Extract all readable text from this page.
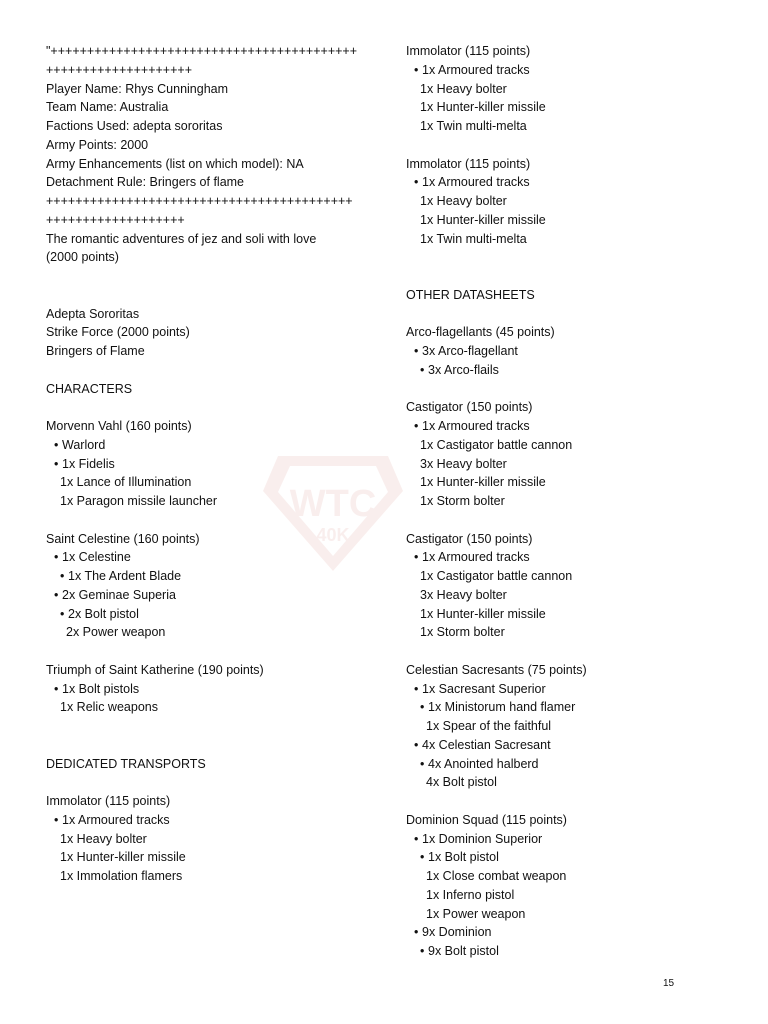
WTC
40K
"++++++++++++++++++++++++++++++++++++++++++
++++++++++++++++++++
Player Name: Rhys Cunningham
Team Name: Australia
Factions Used: adepta sororitas
Army Points: 2000
Army Enhancements (list on which model): NA
Detachment Rule: Bringers of flame
++++++++++++++++++++++++++++++++++++++++++
+++++++++++++++++++
The romantic adventures of jez and soli with love
(2000 points)
Adepta Sororitas
Strike Force (2000 points)
Bringers of Flame
CHARACTERS
Morvenn Vahl (160 points)
• Warlord
• 1x Fidelis
1x Lance of Illumination
1x Paragon missile launcher
Saint Celestine (160 points)
• 1x Celestine
• 1x The Ardent Blade
• 2x Geminae Superia
• 2x Bolt pistol
2x Power weapon
Triumph of Saint Katherine (190 points)
• 1x Bolt pistols
1x Relic weapons
DEDICATED TRANSPORTS
Immolator (115 points)
• 1x Armoured tracks
1x Heavy bolter
1x Hunter-killer missile
1x Immolation flamers
Immolator (115 points)
• 1x Armoured tracks
1x Heavy bolter
1x Hunter-killer missile
1x Twin multi-melta
Immolator (115 points)
• 1x Armoured tracks
1x Heavy bolter
1x Hunter-killer missile
1x Twin multi-melta
OTHER DATASHEETS
Arco-flagellants (45 points)
• 3x Arco-flagellant
• 3x Arco-flails
Castigator (150 points)
• 1x Armoured tracks
1x Castigator battle cannon
3x Heavy bolter
1x Hunter-killer missile
1x Storm bolter
Castigator (150 points)
• 1x Armoured tracks
1x Castigator battle cannon
3x Heavy bolter
1x Hunter-killer missile
1x Storm bolter
Celestian Sacresants (75 points)
• 1x Sacresant Superior
• 1x Ministorum hand flamer
1x Spear of the faithful
• 4x Celestian Sacresant
• 4x Anointed halberd
4x Bolt pistol
Dominion Squad (115 points)
• 1x Dominion Superior
• 1x Bolt pistol
1x Close combat weapon
1x Inferno pistol
1x Power weapon
• 9x Dominion
• 9x Bolt pistol
15
